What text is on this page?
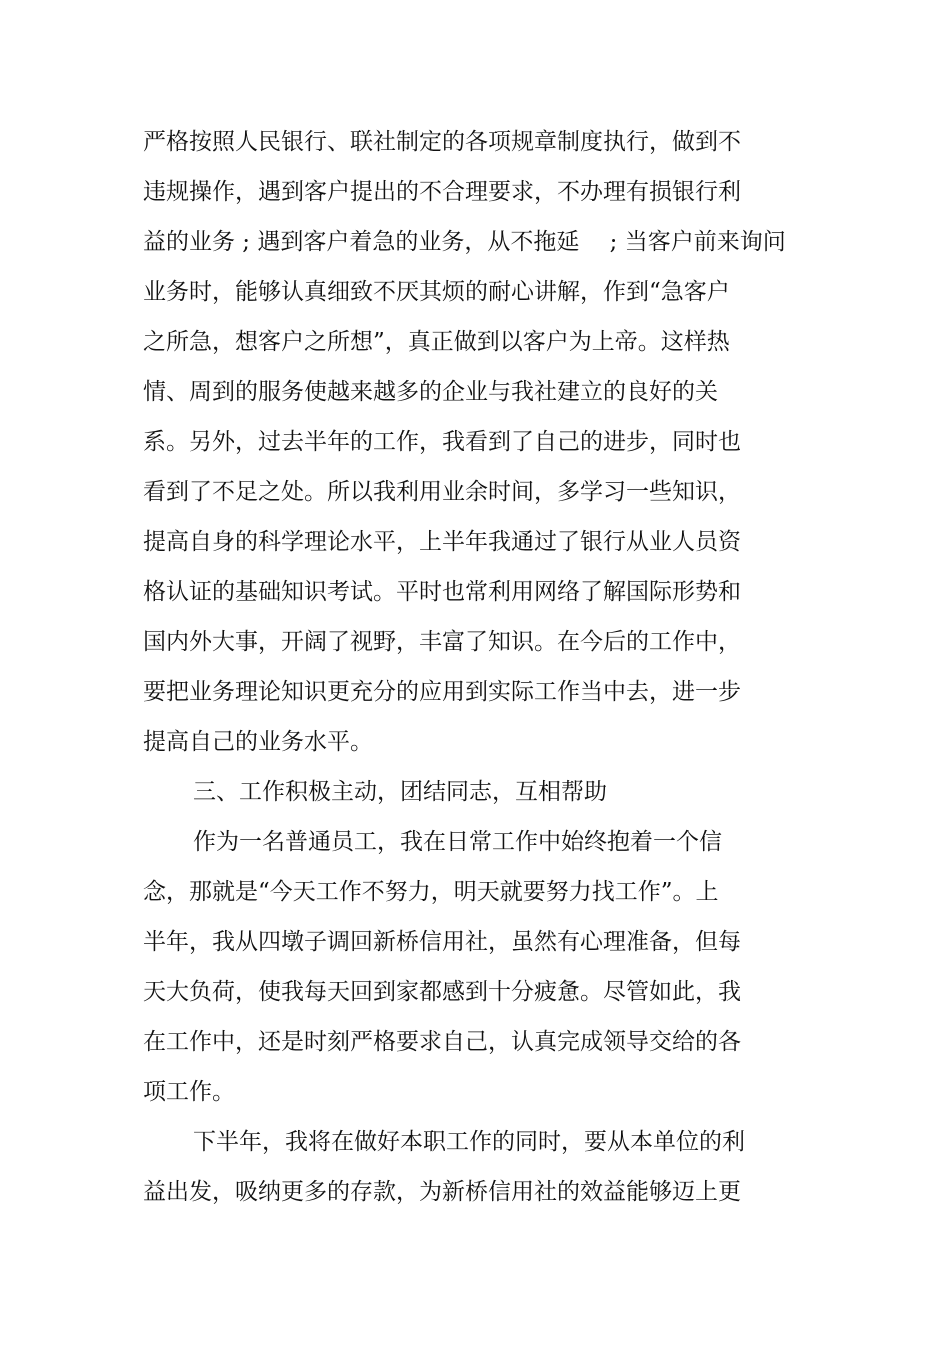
严格按照人民银行、联社制定的各项规章制度执行，做到不

违规操作，遇到客户提出的不合理要求，不办理有损银行利

益的业务 ; 遇到客户着急的业务，从不拖延 　; 当客户前来询问

业务时，能够认真细致不厌其烦的耐心讲解，作到“急客户

之所急，想客户之所想”，真正做到以客户为上帝。这样热

情、周到的服务使越来越多的企业与我社建立的良好的关

系。另外，过去半年的工作，我看到了自己的进步，同时也

看到了不足之处。所以我利用业余时间，多学习一些知识，

提高自身的科学理论水平，上半年我通过了银行从业人员资

格认证的基础知识考试。平时也常利用网络了解国际形势和

国内外大事，开阔了视野，丰富了知识。在今后的工作中，

要把业务理论知识更充分的应用到实际工作当中去，进一步

提高自己的业务水平。

三、工作积极主动，团结同志，互相帮助

作为一名普通员工，我在日常工作中始终抱着一个信

念，那就是“今天工作不努力，明天就要努力找工作”。上

半年，我从四墩子调回新桥信用社，虽然有心理准备，但每

天大负荷，使我每天回到家都感到十分疲惫。尽管如此，我

在工作中，还是时刻严格要求自己，认真完成领导交给的各

项工作。

下半年，我将在做好本职工作的同时，要从本单位的利

益出发，吸纳更多的存款，为新桥信用社的效益能够迈上更
